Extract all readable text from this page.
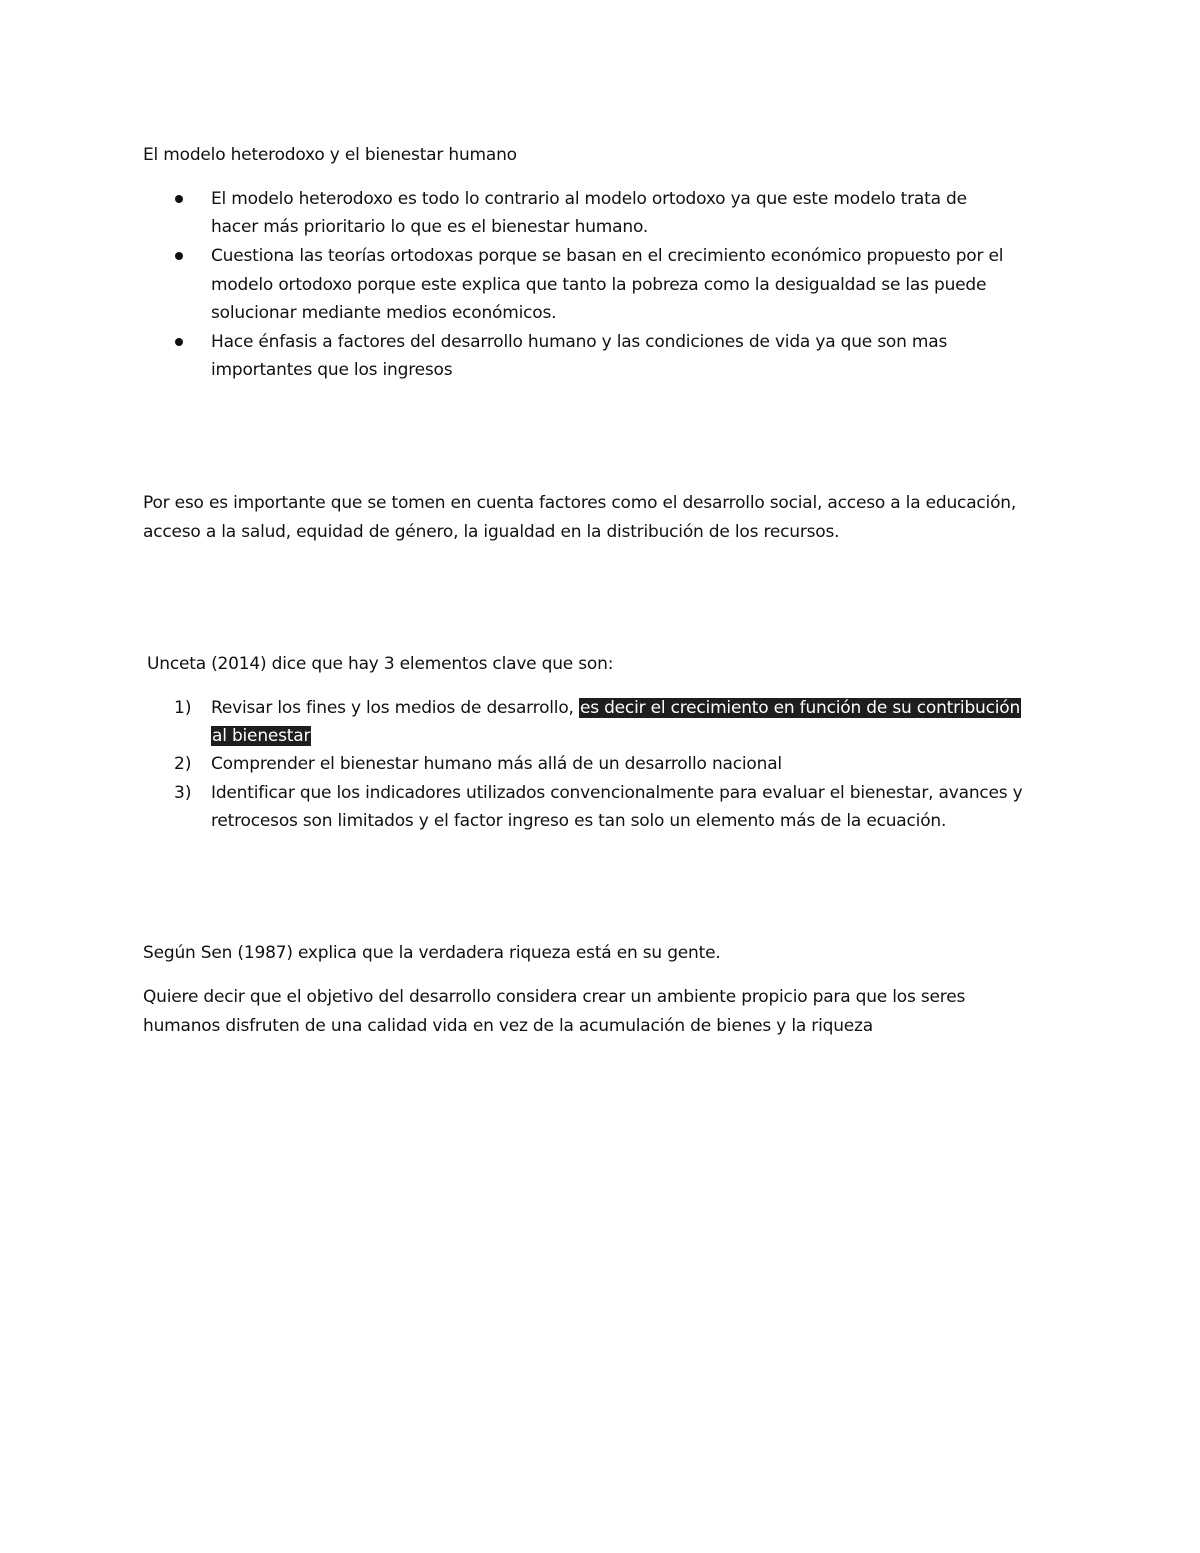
El modelo heterodoxo y el bienestar humano
El modelo heterodoxo es todo lo contrario al modelo ortodoxo ya que este modelo trata de
hacer más prioritario lo que es el bienestar humano.
Cuestiona las teorías ortodoxas porque se basan en el crecimiento económico propuesto por el
modelo ortodoxo porque este explica que tanto la pobreza como la desigualdad se las puede
solucionar mediante medios económicos.
Hace énfasis a factores del desarrollo humano y las condiciones de vida ya que son mas
importantes que los ingresos
Por eso es importante que se tomen en cuenta factores como el desarrollo social, acceso a la educación,
acceso a la salud, equidad de género, la igualdad en la distribución de los recursos.
Unceta (2014) dice que hay 3 elementos clave que son:
1) Revisar los fines y los medios de desarrollo, es decir el crecimiento en función de su contribución
al bienestar
2) Comprender el bienestar humano más allá de un desarrollo nacional
3) Identificar que los indicadores utilizados convencionalmente para evaluar el bienestar, avances y
retrocesos son limitados y el factor ingreso es tan solo un elemento más de la ecuación.
Según Sen (1987) explica que la verdadera riqueza está en su gente.
Quiere decir que el objetivo del desarrollo considera crear un ambiente propicio para que los seres
humanos disfruten de una calidad vida en vez de la acumulación de bienes y la riqueza
